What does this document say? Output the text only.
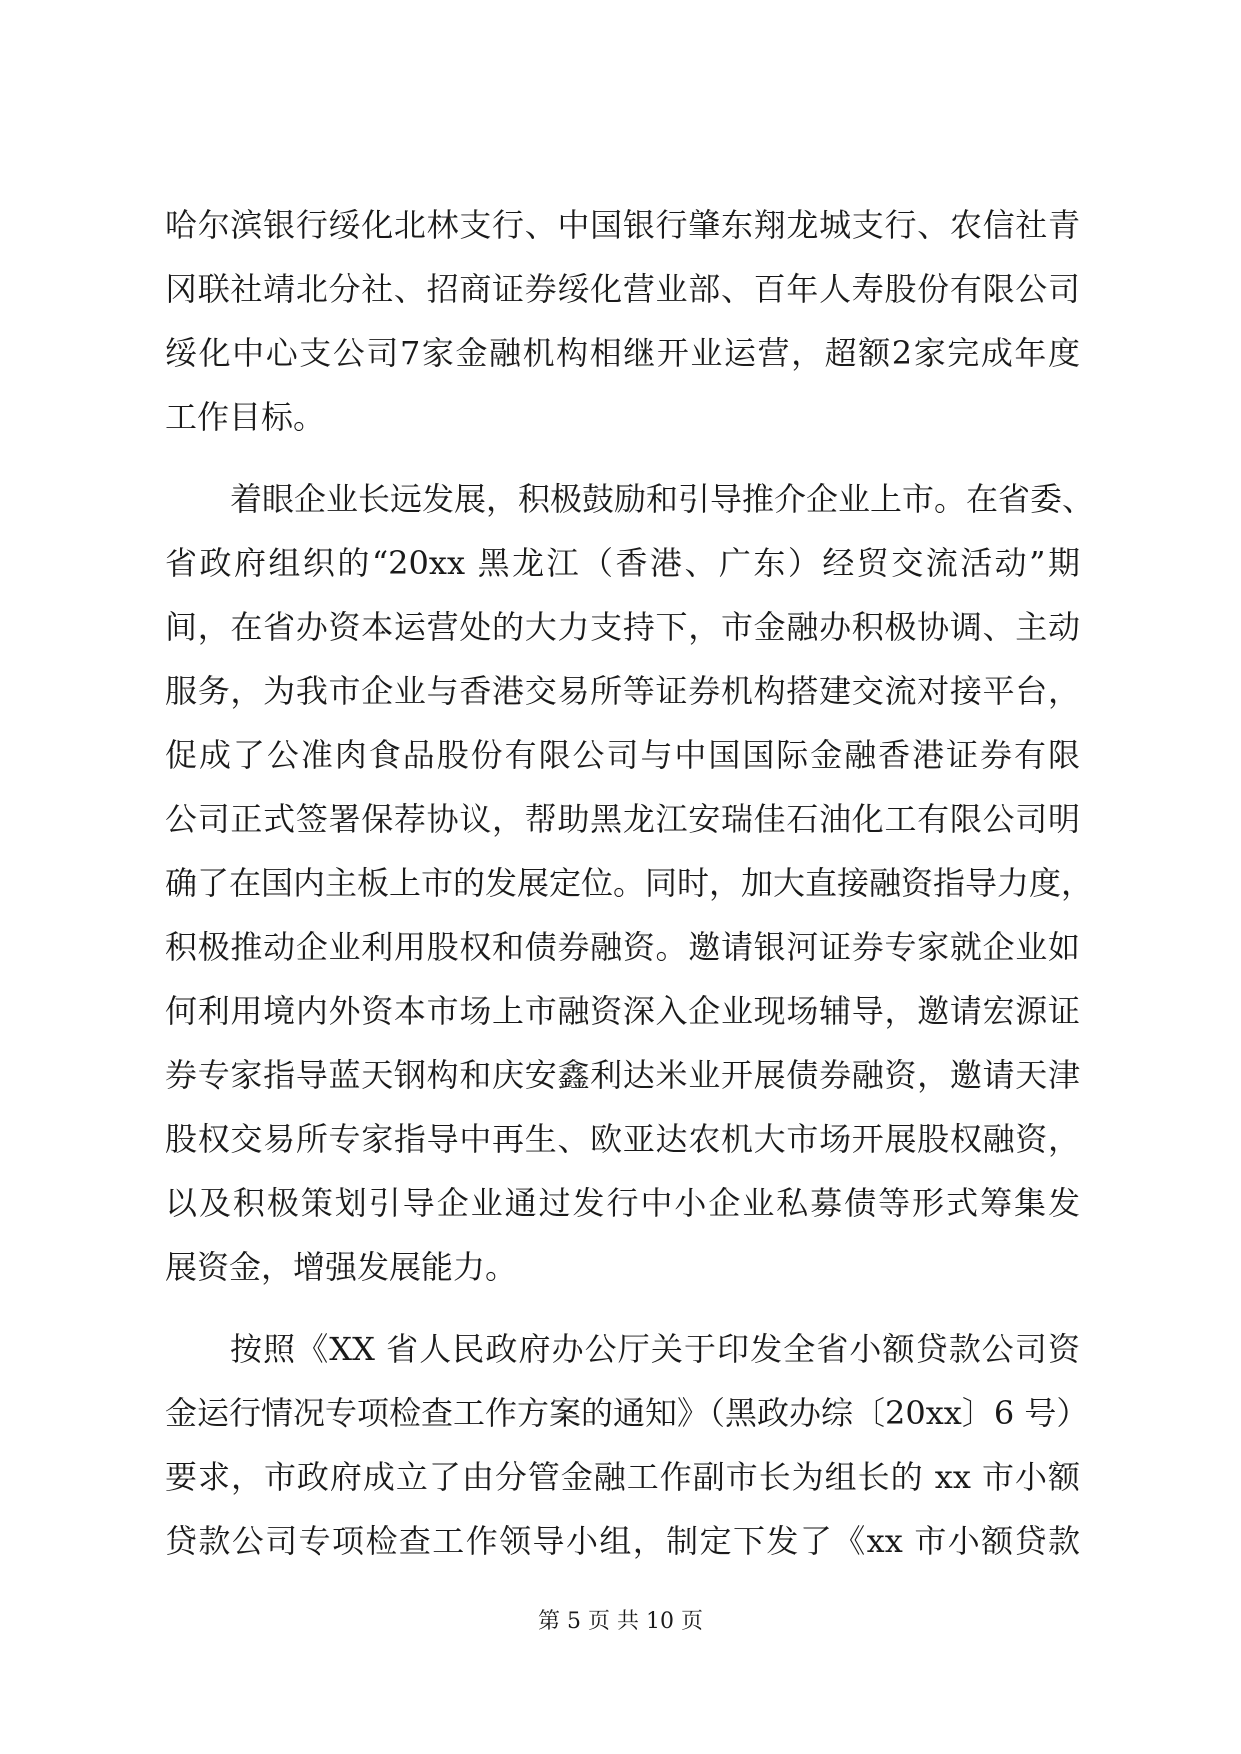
哈尔滨银行绥化北林支行、中国银行肇东翔龙城支行、农信社青
冈联社靖北分社、招商证券绥化营业部、百年人寿股份有限公司
绥化中心支公司7家金融机构相继开业运营，超额2家完成年度
工作目标。
着眼企业长远发展，积极鼓励和引导推介企业上市。在省委、
省政府组织的“20xx 黑龙江（香港、广东）经贸交流活动”期
间，在省办资本运营处的大力支持下，市金融办积极协调、主动
服务，为我市企业与香港交易所等证券机构搭建交流对接平台，
促成了公准肉食品股份有限公司与中国国际金融香港证券有限
公司正式签署保荐协议，帮助黑龙江安瑞佳石油化工有限公司明
确了在国内主板上市的发展定位。同时，加大直接融资指导力度，
积极推动企业利用股权和债券融资。邀请银河证券专家就企业如
何利用境内外资本市场上市融资深入企业现场辅导，邀请宏源证
券专家指导蓝天钢构和庆安鑫利达米业开展债券融资，邀请天津
股权交易所专家指导中再生、欧亚达农机大市场开展股权融资，
以及积极策划引导企业通过发行中小企业私募债等形式筹集发
展资金，增强发展能力。
按照《XX 省人民政府办公厅关于印发全省小额贷款公司资
金运行情况专项检查工作方案的通知》（黑政办综〔20xx〕6 号）
要求，市政府成立了由分管金融工作副市长为组长的 xx 市小额
贷款公司专项检查工作领导小组，制定下发了《xx 市小额贷款
第 5 页 共 10 页
